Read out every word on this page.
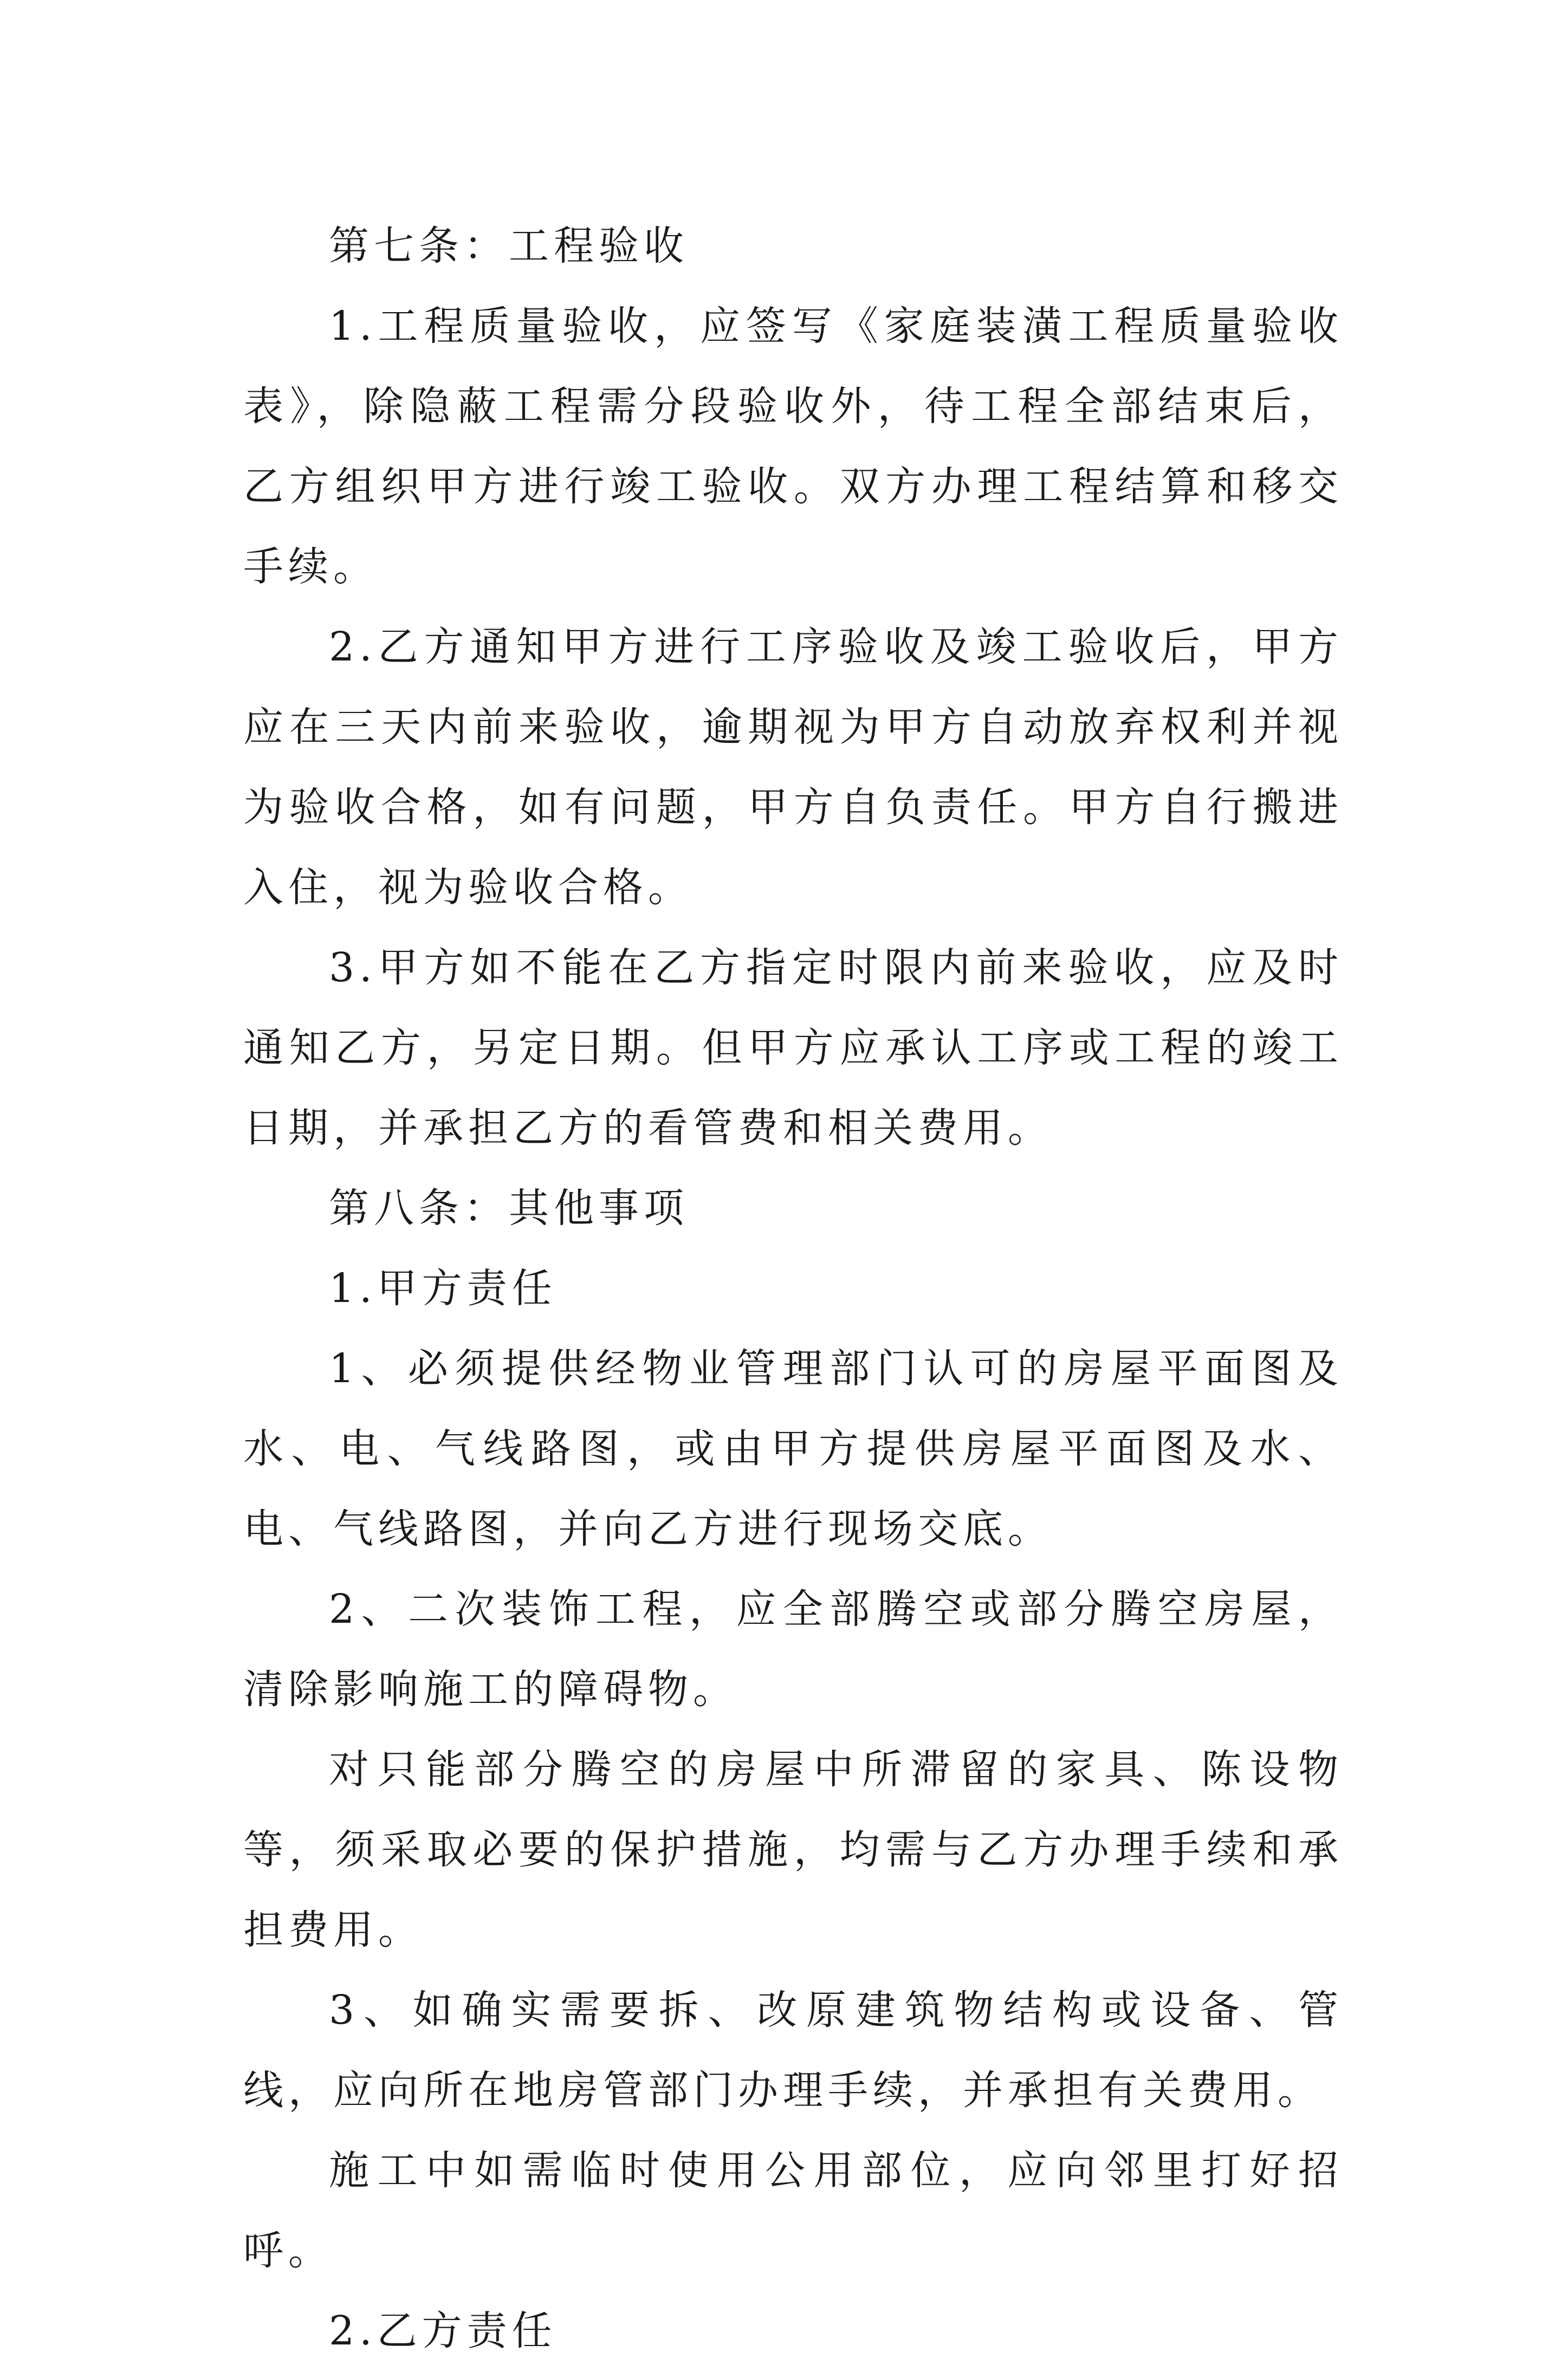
第七条：工程验收

1.工程质量验收，应签写《家庭装潢工程质量验收表》，除隐蔽工程需分段验收外，待工程全部结束后，乙方组织甲方进行竣工验收。双方办理工程结算和移交手续。

2.乙方通知甲方进行工序验收及竣工验收后，甲方应在三天内前来验收，逾期视为甲方自动放弃权利并视为验收合格，如有问题，甲方自负责任。甲方自行搬进入住，视为验收合格。

3.甲方如不能在乙方指定时限内前来验收，应及时通知乙方，另定日期。但甲方应承认工序或工程的竣工日期，并承担乙方的看管费和相关费用。

第八条：其他事项

1.甲方责任

1、必须提供经物业管理部门认可的房屋平面图及水、电、气线路图，或由甲方提供房屋平面图及水、电、气线路图，并向乙方进行现场交底。

2、二次装饰工程，应全部腾空或部分腾空房屋，清除影响施工的障碍物。

对只能部分腾空的房屋中所滞留的家具、陈设物等，须采取必要的保护措施，均需与乙方办理手续和承担费用。

3、如确实需要拆、改原建筑物结构或设备、管线，应向所在地房管部门办理手续，并承担有关费用。

施工中如需临时使用公用部位，应向邻里打好招呼。

2.乙方责任
